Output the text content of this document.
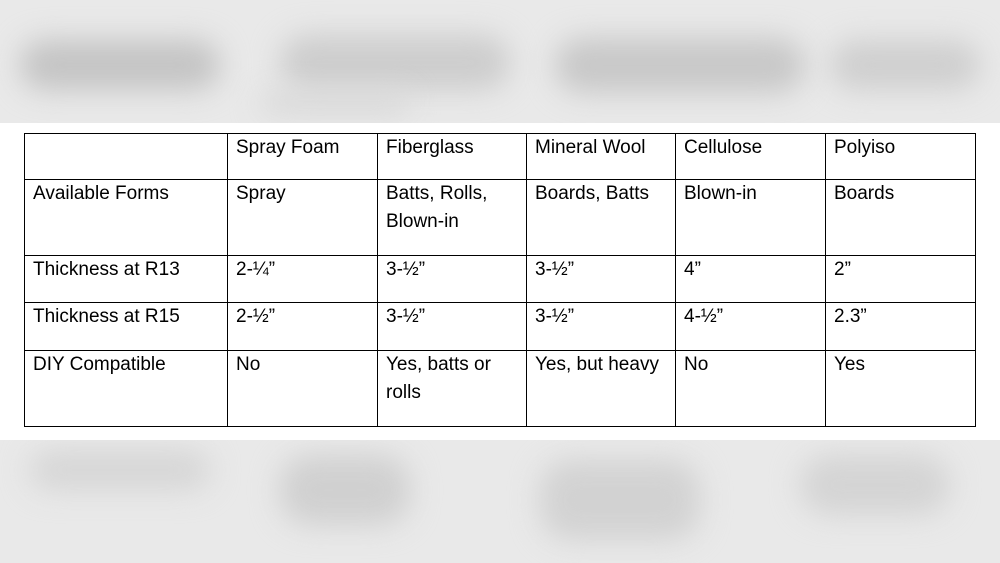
	Spray Foam	Fiberglass	Mineral Wool	Cellulose	Polyiso
Available Forms	Spray	Batts, Rolls, Blown-in	Boards, Batts	Blown-in	Boards
Thickness at R13	2-¼”	3-½”	3-½”	4”	2”
Thickness at R15	2-½”	3-½”	3-½”	4-½”	2.3”
DIY Compatible	No	Yes, batts or rolls	Yes, but heavy	No	Yes
